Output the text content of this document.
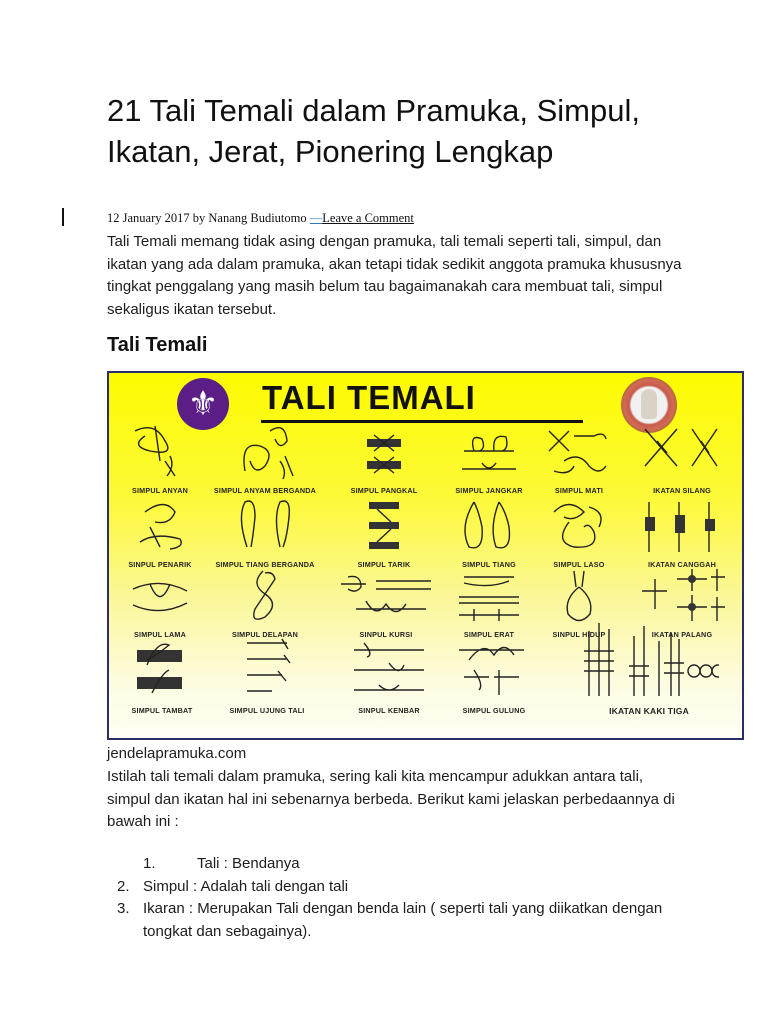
21 Tali Temali dalam Pramuka, Simpul, Ikatan, Jerat, Pionering Lengkap
12 January 2017 by Nanang Budiutomo —Leave a Comment

Tali Temali memang tidak asing dengan pramuka, tali temali seperti tali, simpul, dan ikatan yang ada dalam pramuka, akan tetapi tidak sedikit anggota pramuka khususnya tingkat penggalang yang masih belum tau bagaimanakah cara membuat tali, simpul sekaligus ikatan tersebut.

Tali Temali
⚜ TALI TEMALI
SIMPUL ANYAN	SIMPUL ANYAM BERGANDA	SIMPUL PANGKAL	SIMPUL JANGKAR	SIMPUL MATI	IKATAN SILANG
SINPUL PENARIK	SIMPUL TIANG BERGANDA	SIMPUL TARIK	SIMPUL TIANG	SIMPUL LASO	IKATAN CANGGAH
SIMPUL LAMA	SIMPUL DELAPAN	SINPUL KURSI	SIMPUL ERAT	SINPUL HIDUP	IKATAN PALANG
SIMPUL TAMBAT	SIMPUL UJUNG TALI	SINPUL KENBAR	SIMPUL GULUNG	IKATAN KAKI TIGA
jendelapramuka.com

Istilah tali temali dalam pramuka, sering kali kita mencampur adukkan antara tali, simpul dan ikatan hal ini sebenarnya berbeda. Berikut kami jelaskan perbedaannya di bawah ini :

1.	Tali : Bendanya
2. Simpul : Adalah tali dengan tali
3. Ikaran : Merupakan Tali dengan benda lain ( seperti tali yang diikatkan dengan tongkat dan sebagainya).
